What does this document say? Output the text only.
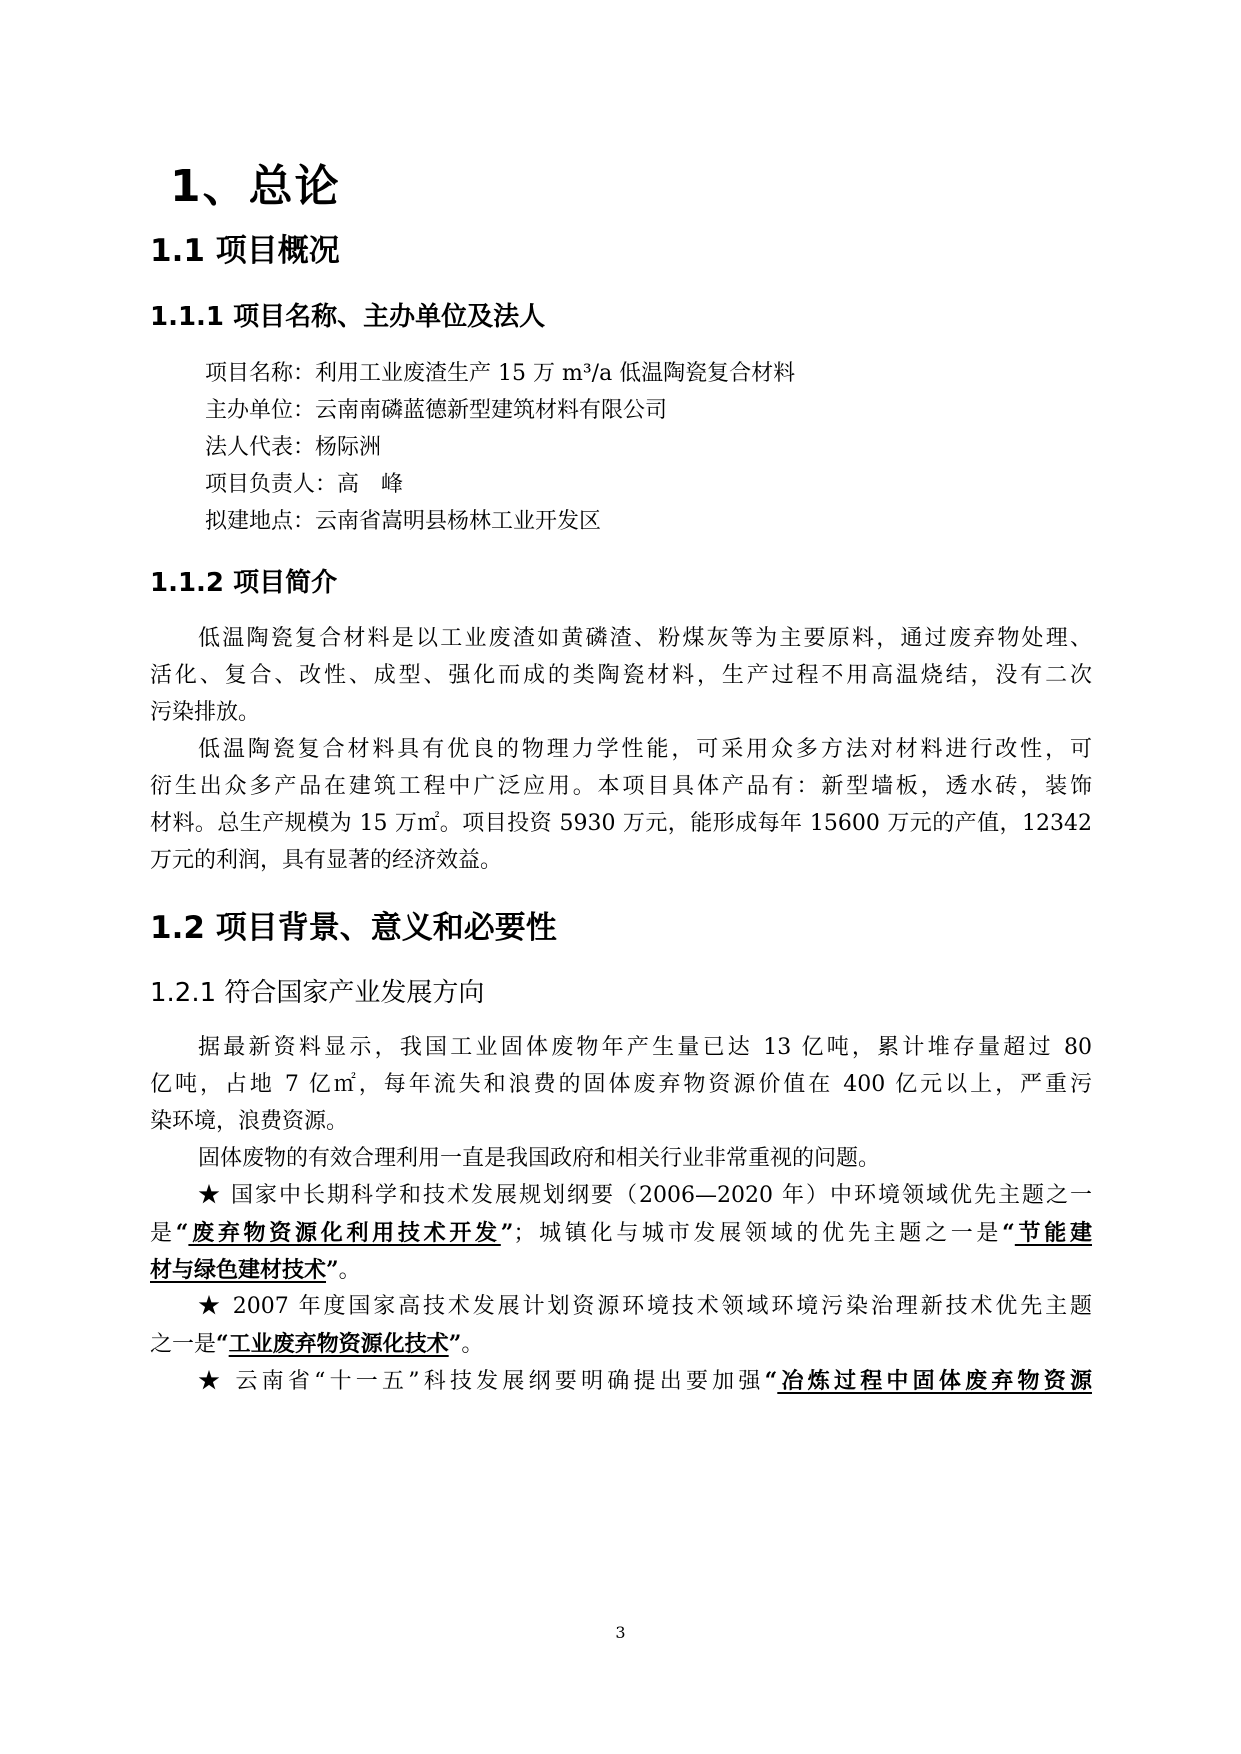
1、总论
1.1 项目概况
1.1.1 项目名称、主办单位及法人
项目名称：利用工业废渣生产 15 万 m³/a 低温陶瓷复合材料
主办单位：云南南磷蓝德新型建筑材料有限公司
法人代表：杨际洲
项目负责人：高　峰
拟建地点：云南省嵩明县杨林工业开发区
1.1.2 项目简介
低温陶瓷复合材料是以工业废渣如黄磷渣、粉煤灰等为主要原料，通过废弃物处理、
活化、复合、改性、成型、强化而成的类陶瓷材料，生产过程不用高温烧结，没有二次
污染排放。
低温陶瓷复合材料具有优良的物理力学性能，可采用众多方法对材料进行改性，可
衍生出众多产品在建筑工程中广泛应用。本项目具体产品有：新型墙板，透水砖，装饰
材料。总生产规模为 15 万㎡。项目投资 5930 万元，能形成每年 15600 万元的产值，12342
万元的利润，具有显著的经济效益。
1.2 项目背景、意义和必要性
1.2.1 符合国家产业发展方向
据最新资料显示，我国工业固体废物年产生量已达 13 亿吨，累计堆存量超过 80
亿吨，占地 7 亿㎡，每年流失和浪费的固体废弃物资源价值在 400 亿元以上，严重污
染环境，浪费资源。
固体废物的有效合理利用一直是我国政府和相关行业非常重视的问题。
★ 国家中长期科学和技术发展规划纲要（2006—2020 年）中环境领域优先主题之一
是“废弃物资源化利用技术开发”；城镇化与城市发展领域的优先主题之一是“节能建
材与绿色建材技术”。
★ 2007 年度国家高技术发展计划资源环境技术领域环境污染治理新技术优先主题
之一是“工业废弃物资源化技术”。
★ 云南省“十一五”科技发展纲要明确提出要加强“冶炼过程中固体废弃物资源
3
